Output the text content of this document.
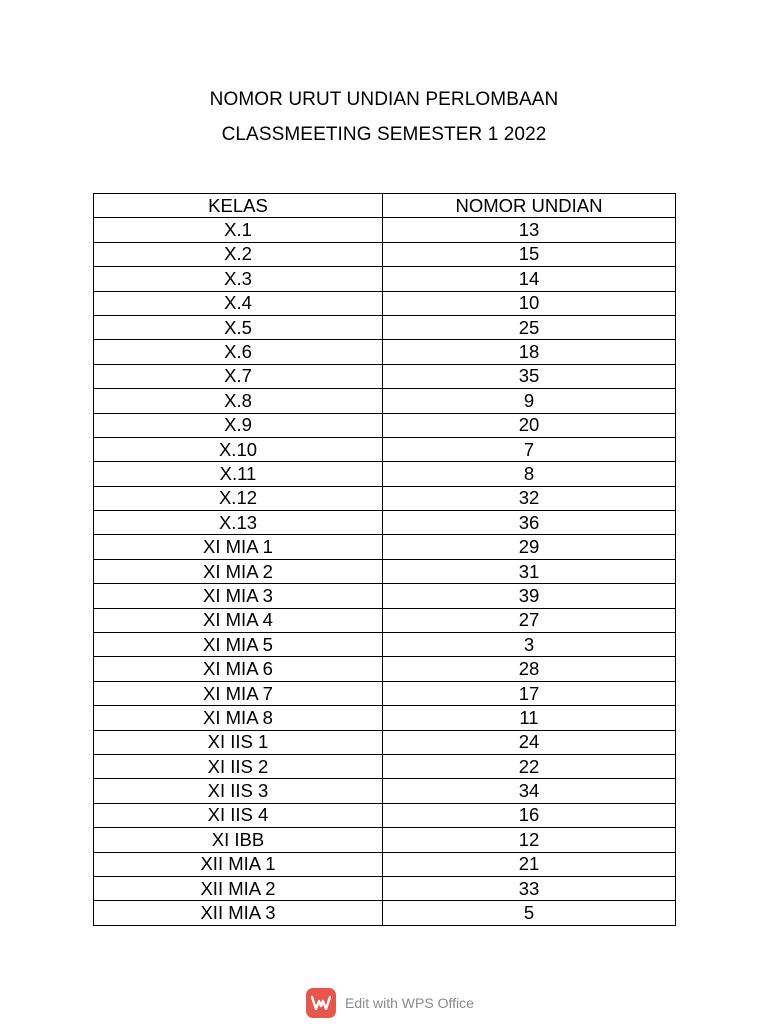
NOMOR URUT UNDIAN PERLOMBAAN
CLASSMEETING SEMESTER 1 2022
KELAS	NOMOR UNDIAN
X.1	13
X.2	15
X.3	14
X.4	10
X.5	25
X.6	18
X.7	35
X.8	9
X.9	20
X.10	7
X.11	8
X.12	32
X.13	36
XI MIA 1	29
XI MIA 2	31
XI MIA 3	39
XI MIA 4	27
XI MIA 5	3
XI MIA 6	28
XI MIA 7	17
XI MIA 8	11
XI IIS 1	24
XI IIS 2	22
XI IIS 3	34
XI IIS 4	16
XI IBB	12
XII MIA 1	21
XII MIA 2	33
XII MIA 3	5
Edit with WPS Office
